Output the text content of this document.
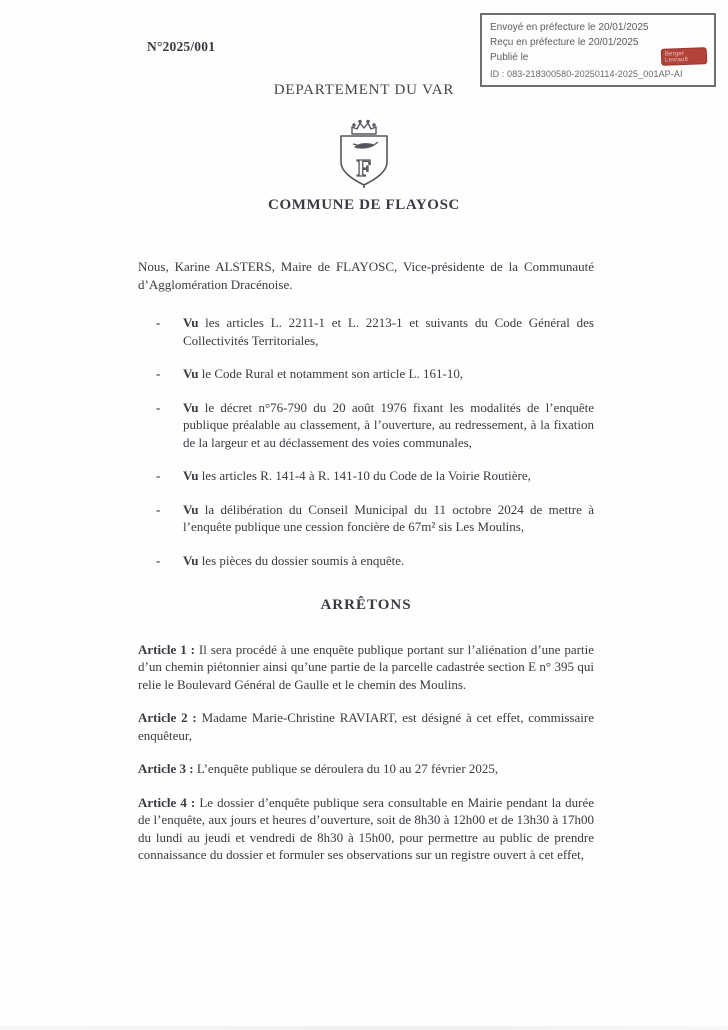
Envoyé en préfecture le 20/01/2025
Reçu en préfecture le 20/01/2025
Publié le
ID : 083-218300580-20250114-2025_001AP-AI
Berger
Levrault
N°2025/001
DEPARTEMENT DU VAR
F
COMMUNE DE FLAYOSC

Nous, Karine ALSTERS, Maire de FLAYOSC, Vice-présidente de la Communauté d’Agglomération Dracénoise.

- Vu les articles L. 2211-1 et L. 2213-1 et suivants du Code Général des Collectivités Territoriales,
- Vu le Code Rural et notamment son article L. 161-10,
- Vu le décret n°76-790 du 20 août 1976 fixant les modalités de l’enquête publique préalable au classement, à l’ouverture, au redressement, à la fixation de la largeur et au déclassement des voies communales,
- Vu les articles R. 141-4 à R. 141-10 du Code de la Voirie Routière,
- Vu la délibération du Conseil Municipal du 11 octobre 2024 de mettre à l’enquête publique une cession foncière de 67m² sis Les Moulins,
- Vu les pièces du dossier soumis à enquête.
ARRÊTONS

Article 1 : Il sera procédé à une enquête publique portant sur l’aliénation d’une partie d’un chemin piétonnier ainsi qu’une partie de la parcelle cadastrée section E n° 395 qui relie le Boulevard Général de Gaulle et le chemin des Moulins.

Article 2 : Madame Marie-Christine RAVIART, est désigné à cet effet, commissaire enquêteur,

Article 3 : L’enquête publique se déroulera du 10 au 27 février 2025,

Article 4 : Le dossier d’enquête publique sera consultable en Mairie pendant la durée de l’enquête, aux jours et heures d’ouverture, soit de 8h30 à 12h00 et de 13h30 à 17h00 du lundi au jeudi et vendredi de 8h30 à 15h00, pour permettre au public de prendre connaissance du dossier et formuler ses observations sur un registre ouvert à cet effet,
